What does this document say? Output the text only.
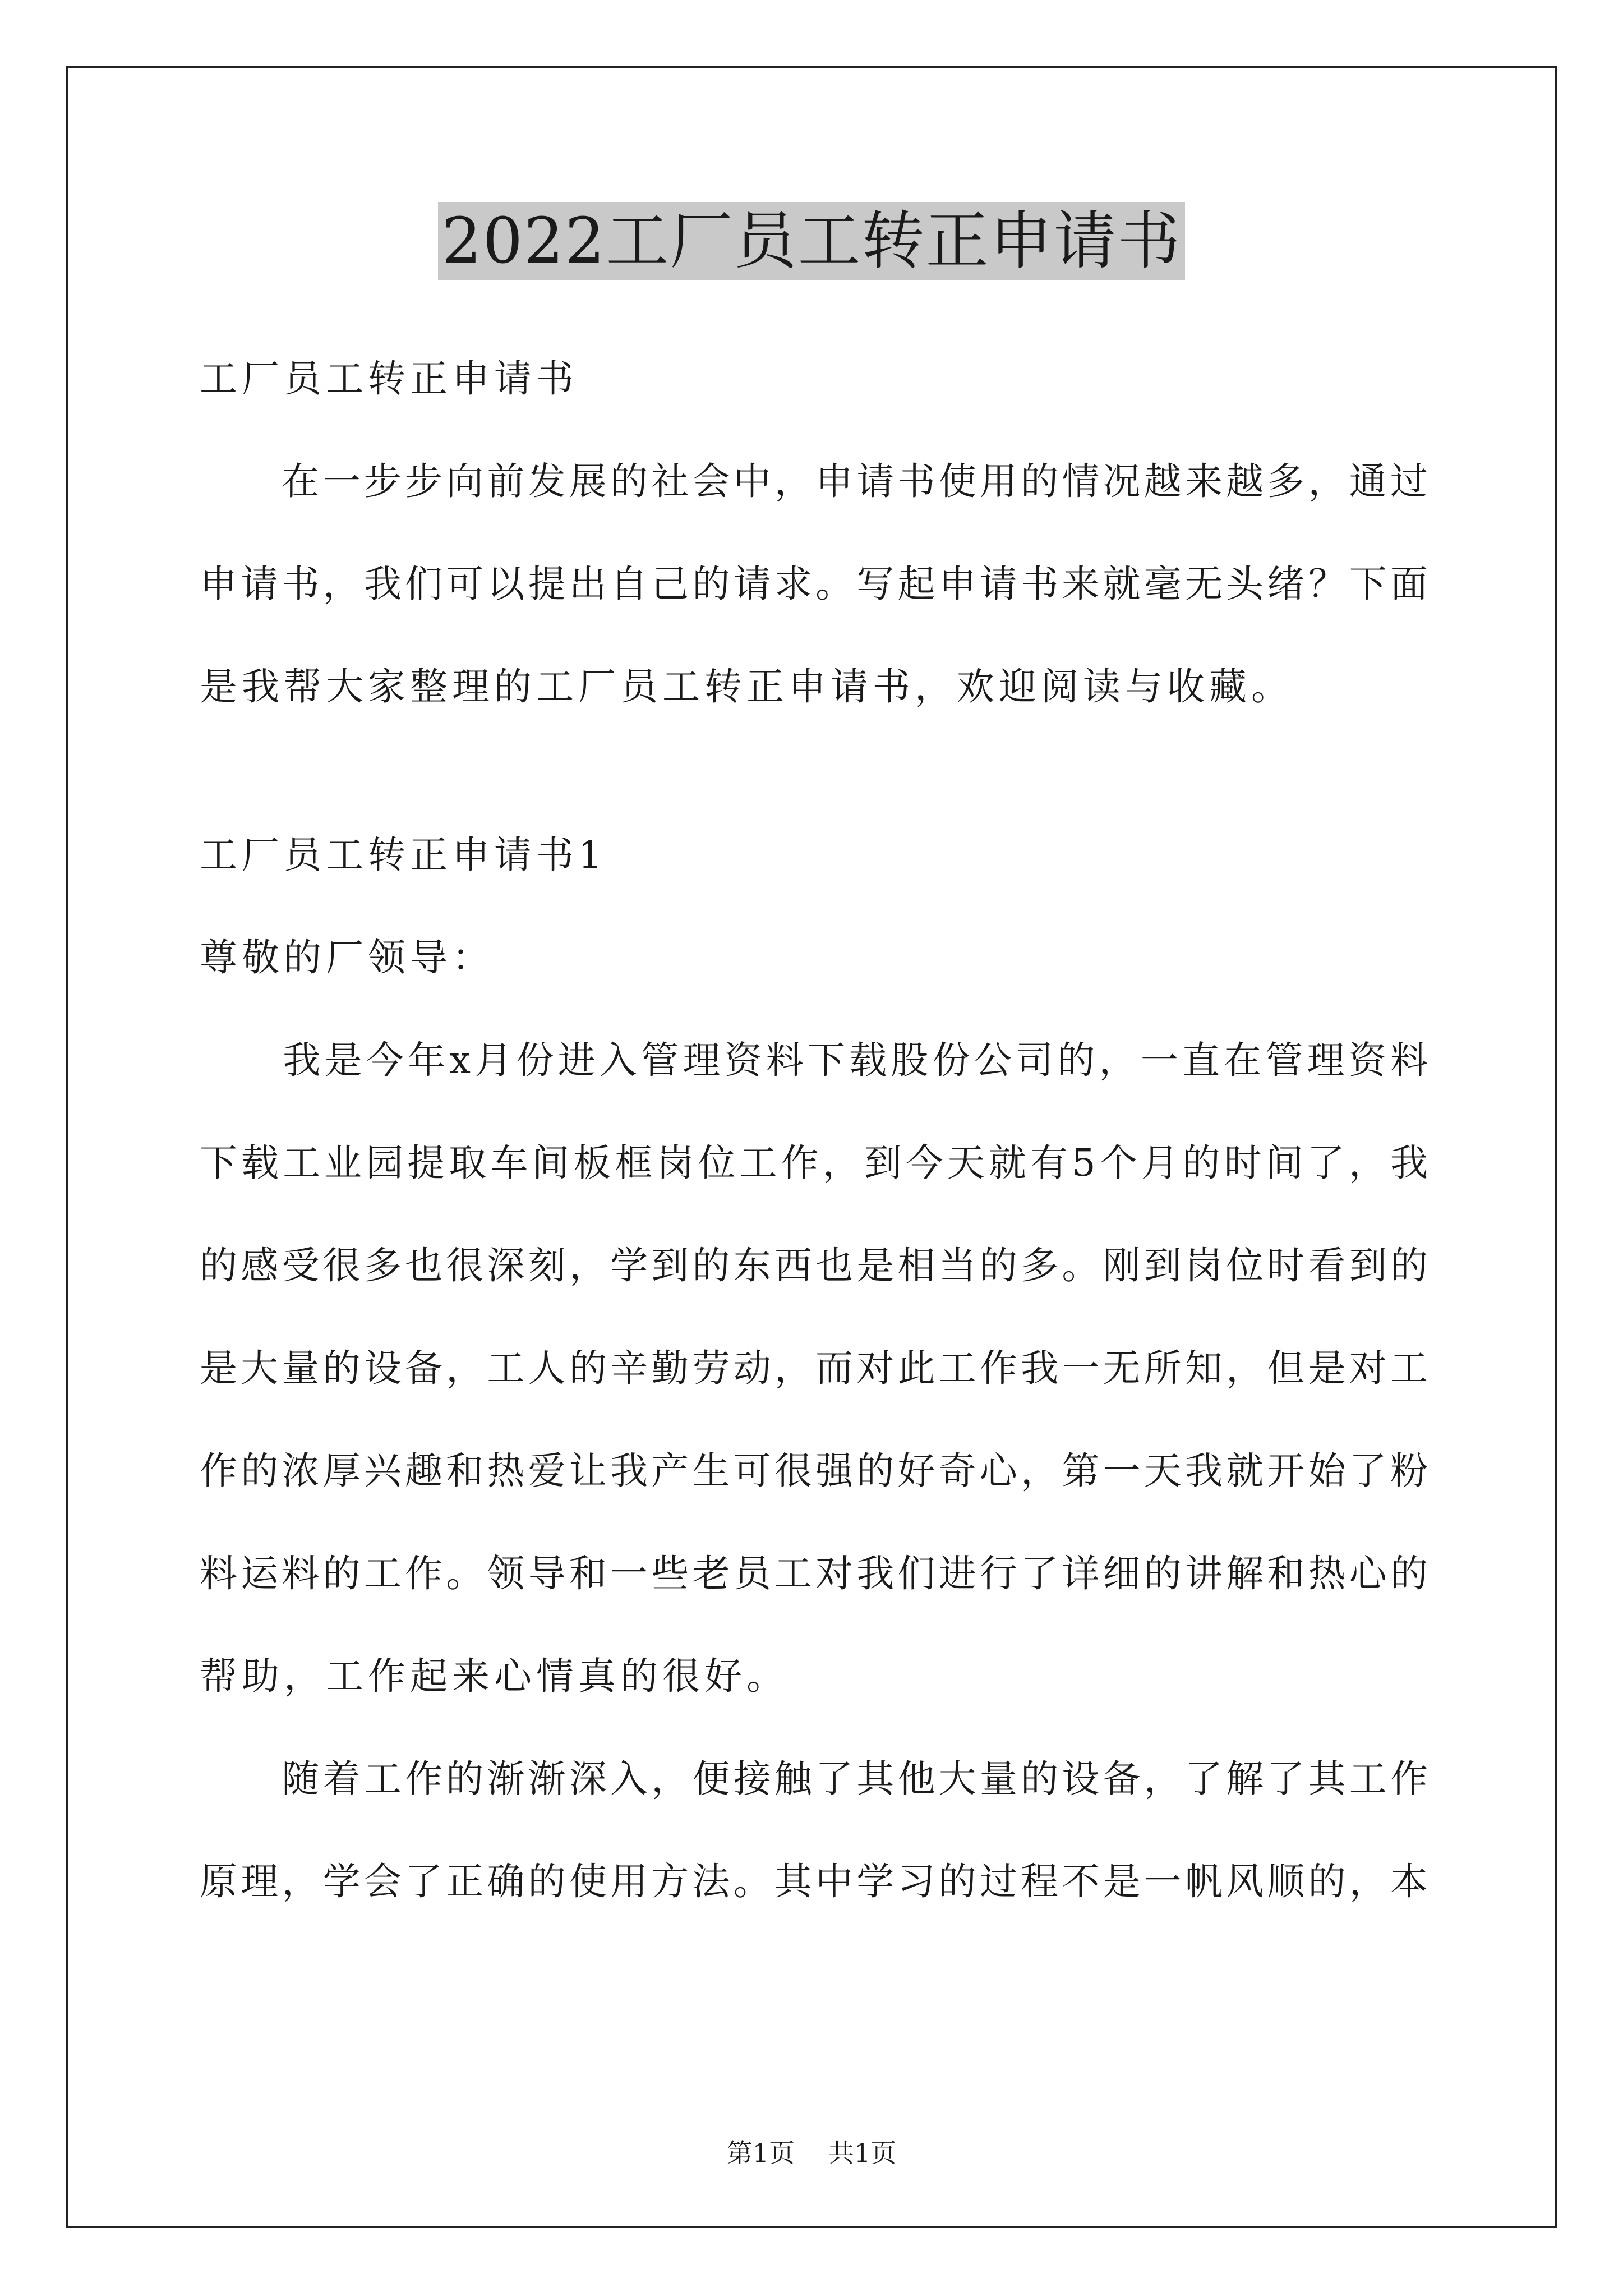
2022工厂员工转正申请书
工厂员工转正申请书
　　在一步步向前发展的社会中，申请书使用的情况越来越多，通过
申请书，我们可以提出自己的请求。写起申请书来就毫无头绪？下面
是我帮大家整理的工厂员工转正申请书，欢迎阅读与收藏。
工厂员工转正申请书1
尊敬的厂领导：
　　我是今年x月份进入管理资料下载股份公司的，一直在管理资料
下载工业园提取车间板框岗位工作，到今天就有5个月的时间了，我
的感受很多也很深刻，学到的东西也是相当的多。刚到岗位时看到的
是大量的设备，工人的辛勤劳动，而对此工作我一无所知，但是对工
作的浓厚兴趣和热爱让我产生可很强的好奇心，第一天我就开始了粉
料运料的工作。领导和一些老员工对我们进行了详细的讲解和热心的
帮助，工作起来心情真的很好。
　　随着工作的渐渐深入，便接触了其他大量的设备，了解了其工作
原理，学会了正确的使用方法。其中学习的过程不是一帆风顺的，本
第1页 共1页
